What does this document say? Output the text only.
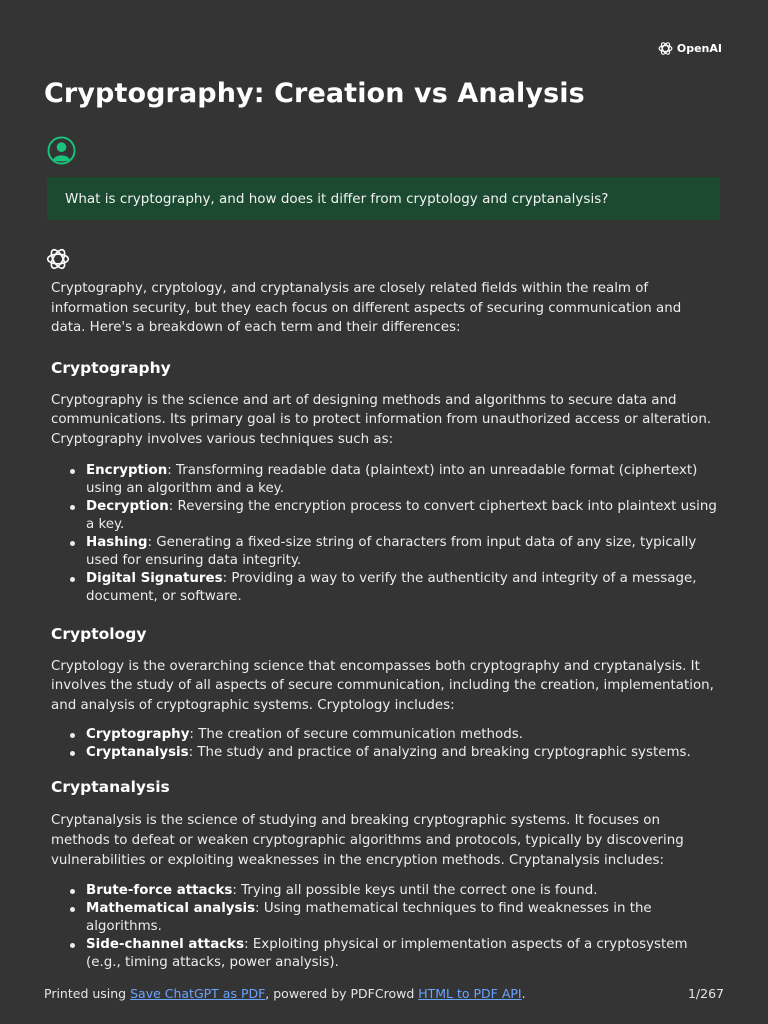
OpenAI
Cryptography: Creation vs Analysis
What is cryptography, and how does it differ from cryptology and cryptanalysis?

Cryptography, cryptology, and cryptanalysis are closely related fields within the realm of information security, but they each focus on different aspects of securing communication and data. Here's a breakdown of each term and their differences:

Cryptography

Cryptography is the science and art of designing methods and algorithms to secure data and communications. Its primary goal is to protect information from unauthorized access or alteration. Cryptography involves various techniques such as:

Encryption: Transforming readable data (plaintext) into an unreadable format (ciphertext) using an algorithm and a key.
Decryption: Reversing the encryption process to convert ciphertext back into plaintext using a key.
Hashing: Generating a fixed-size string of characters from input data of any size, typically used for ensuring data integrity.
Digital Signatures: Providing a way to verify the authenticity and integrity of a message, document, or software.
Cryptology

Cryptology is the overarching science that encompasses both cryptography and cryptanalysis. It involves the study of all aspects of secure communication, including the creation, implementation, and analysis of cryptographic systems. Cryptology includes:

Cryptography: The creation of secure communication methods.
Cryptanalysis: The study and practice of analyzing and breaking cryptographic systems.
Cryptanalysis

Cryptanalysis is the science of studying and breaking cryptographic systems. It focuses on methods to defeat or weaken cryptographic algorithms and protocols, typically by discovering vulnerabilities or exploiting weaknesses in the encryption methods. Cryptanalysis includes:

Brute-force attacks: Trying all possible keys until the correct one is found.
Mathematical analysis: Using mathematical techniques to find weaknesses in the algorithms.
Side-channel attacks: Exploiting physical or implementation aspects of a cryptosystem (e.g., timing attacks, power analysis).
Printed using Save ChatGPT as PDF, powered by PDFCrowd HTML to PDF API.	1/267
